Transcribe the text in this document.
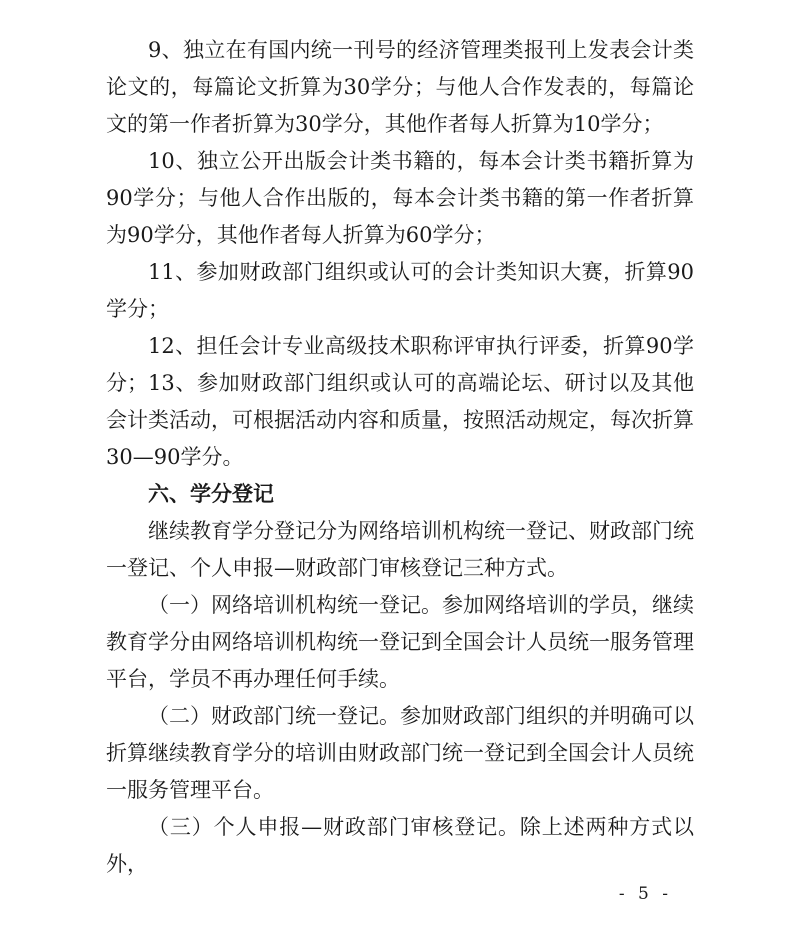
9、独立在有国内统一刊号的经济管理类报刊上发表会计类论文的，每篇论文折算为30学分；与他人合作发表的，每篇论文的第一作者折算为30学分，其他作者每人折算为10学分；

10、独立公开出版会计类书籍的，每本会计类书籍折算为90学分；与他人合作出版的，每本会计类书籍的第一作者折算为90学分，其他作者每人折算为60学分；

11、参加财政部门组织或认可的会计类知识大赛，折算90学分；

12、担任会计专业高级技术职称评审执行评委，折算90学分； 13、参加财政部门组织或认可的高端论坛、研讨以及其他会计类活动，可根据活动内容和质量，按照活动规定，每次折算30—90学分。

六、学分登记

继续教育学分登记分为网络培训机构统一登记、财政部门统一登记、个人申报—财政部门审核登记三种方式。

（一）网络培训机构统一登记。参加网络培训的学员，继续教育学分由网络培训机构统一登记到全国会计人员统一服务管理平台，学员不再办理任何手续。

（二）财政部门统一登记。参加财政部门组织的并明确可以折算继续教育学分的培训由财政部门统一登记到全国会计人员统一服务管理平台。

（三）个人申报—财政部门审核登记。除上述两种方式以外，

- 5 -
